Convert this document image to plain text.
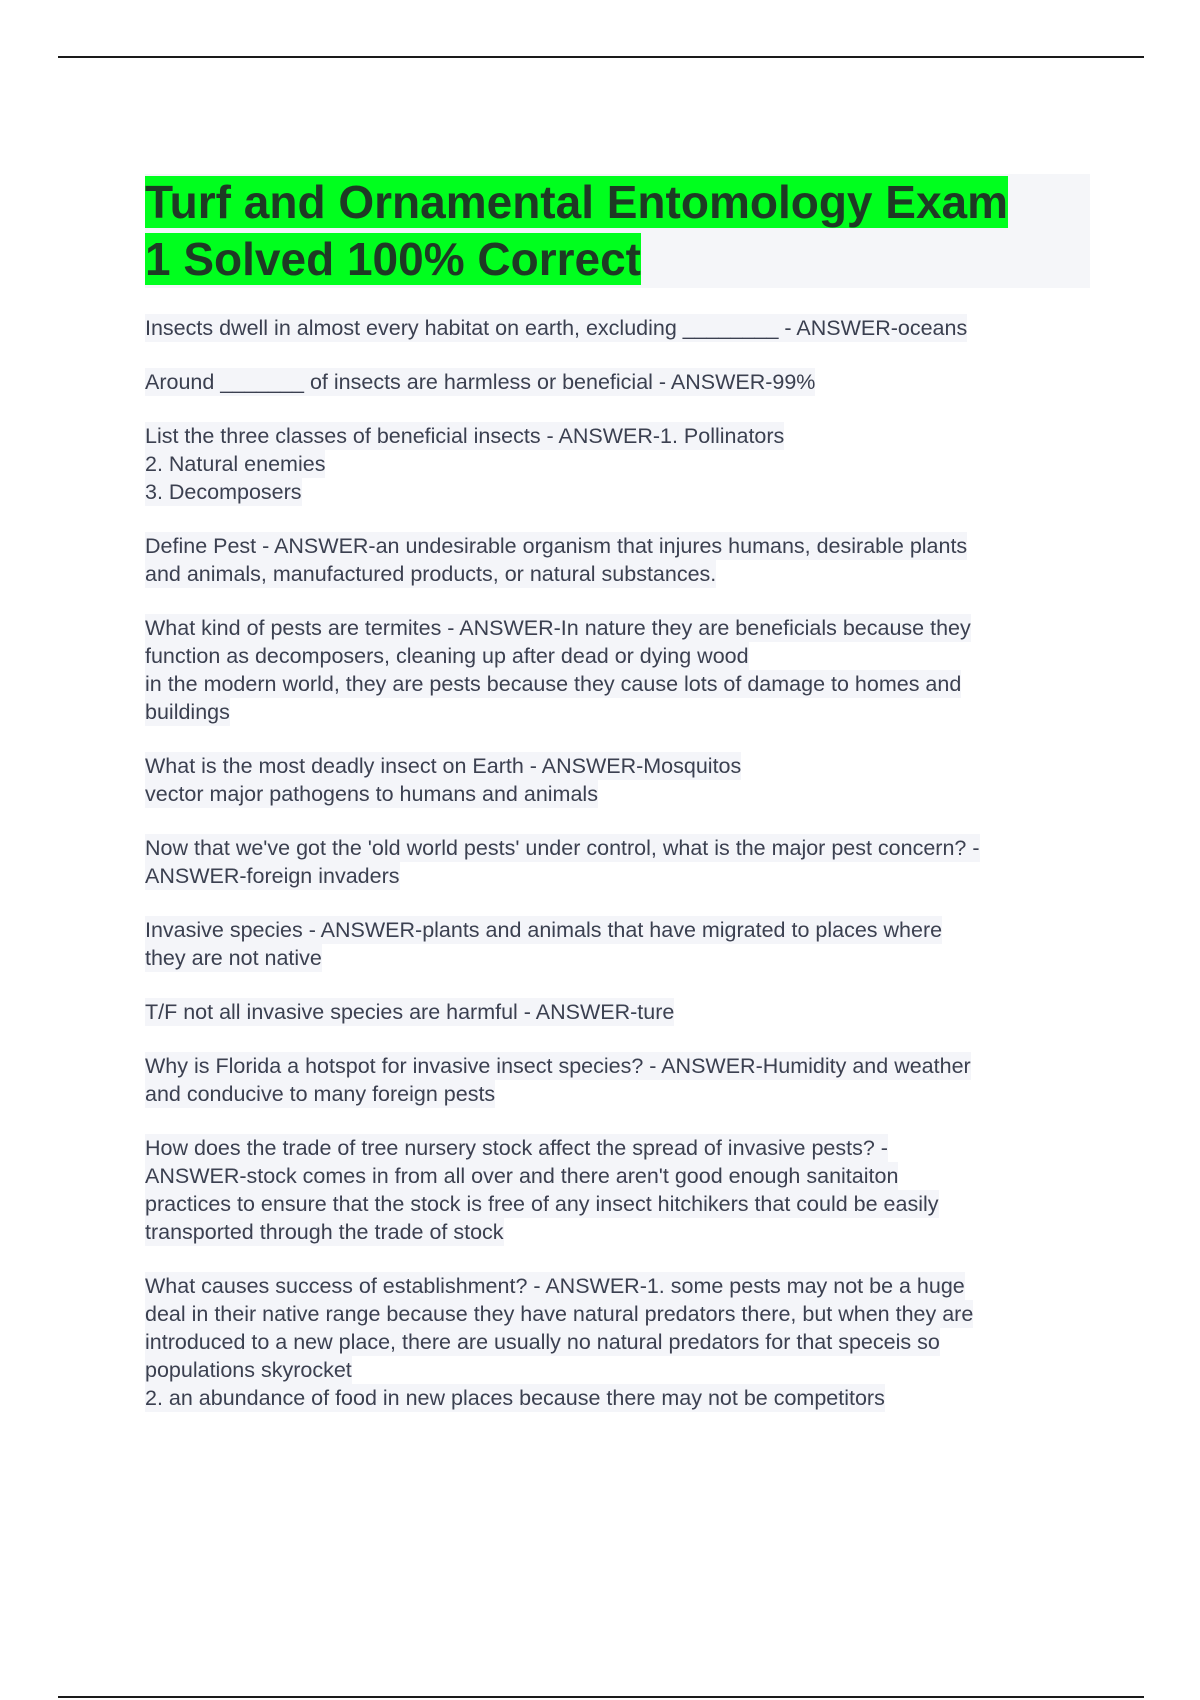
Turf and Ornamental Entomology Exam
1 Solved 100% Correct
Insects dwell in almost every habitat on earth, excluding ________ - ANSWER-oceans
Around _______ of insects are harmless or beneficial - ANSWER-99%
List the three classes of beneficial insects - ANSWER-1. Pollinators
2. Natural enemies
3. Decomposers
Define Pest - ANSWER-an undesirable organism that injures humans, desirable plants
and animals, manufactured products, or natural substances.
What kind of pests are termites - ANSWER-In nature they are beneficials because they
function as decomposers, cleaning up after dead or dying wood
in the modern world, they are pests because they cause lots of damage to homes and
buildings
What is the most deadly insect on Earth - ANSWER-Mosquitos
vector major pathogens to humans and animals
Now that we've got the 'old world pests' under control, what is the major pest concern? -
ANSWER-foreign invaders
Invasive species - ANSWER-plants and animals that have migrated to places where
they are not native
T/F not all invasive species are harmful - ANSWER-ture
Why is Florida a hotspot for invasive insect species? - ANSWER-Humidity and weather
and conducive to many foreign pests
How does the trade of tree nursery stock affect the spread of invasive pests? -
ANSWER-stock comes in from all over and there aren't good enough sanitaiton
practices to ensure that the stock is free of any insect hitchikers that could be easily
transported through the trade of stock
What causes success of establishment? - ANSWER-1. some pests may not be a huge
deal in their native range because they have natural predators there, but when they are
introduced to a new place, there are usually no natural predators for that speceis so
populations skyrocket
2. an abundance of food in new places because there may not be competitors
